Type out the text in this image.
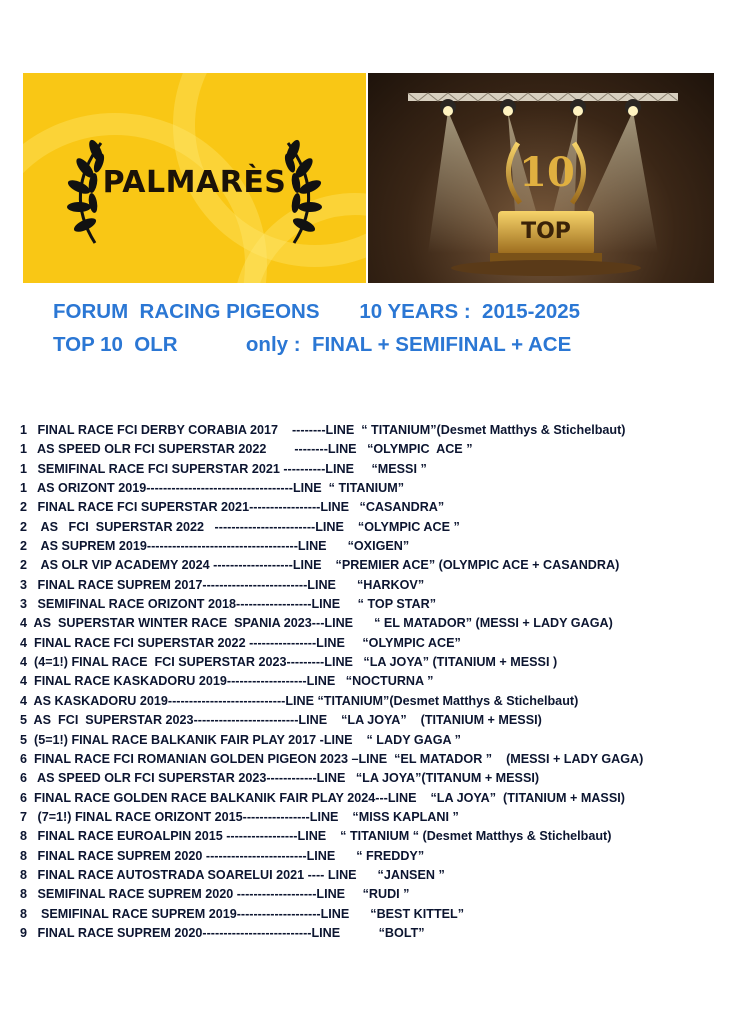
PALMARÈS	10
TOP
FORUM  RACING PIGEONS       10 YEARS :  2015-2025
TOP 10  OLR            only :  FINAL + SEMIFINAL + ACE
1   FINAL RACE FCI DERBY CORABIA 2017    --------LINE  “ TITANIUM”(Desmet Matthys & Stichelbaut)
1   AS SPEED OLR FCI SUPERSTAR 2022        --------LINE   “OLYMPIC  ACE ”
1   SEMIFINAL RACE FCI SUPERSTAR 2021 ----------LINE     “MESSI ”
1   AS ORIZONT 2019-----------------------------------LINE  “ TITANIUM”
2   FINAL RACE FCI SUPERSTAR 2021-----------------LINE   “CASANDRA”
2    AS   FCI  SUPERSTAR 2022   ------------------------LINE    “OLYMPIC ACE ”
2    AS SUPREM 2019------------------------------------LINE      “OXIGEN”
2    AS OLR VIP ACADEMY 2024 -------------------LINE    “PREMIER ACE” (OLYMPIC ACE + CASANDRA)
3   FINAL RACE SUPREM 2017-------------------------LINE      “HARKOV”
3   SEMIFINAL RACE ORIZONT 2018------------------LINE     “ TOP STAR”
4  AS  SUPERSTAR WINTER RACE  SPANIA 2023---LINE      “ EL MATADOR” (MESSI + LADY GAGA)
4  FINAL RACE FCI SUPERSTAR 2022 ----------------LINE     “OLYMPIC ACE”
4  (4=1!) FINAL RACE  FCI SUPERSTAR 2023---------LINE   “LA JOYA” (TITANIUM + MESSI )
4  FINAL RACE KASKADORU 2019-------------------LINE   “NOCTURNA ”
4  AS KASKADORU 2019----------------------------LINE “TITANIUM”(Desmet Matthys & Stichelbaut)
5  AS  FCI  SUPERSTAR 2023-------------------------LINE    “LA JOYA”    (TITANIUM + MESSI)
5  (5=1!) FINAL RACE BALKANIK FAIR PLAY 2017 -LINE    “ LADY GAGA ”
6  FINAL RACE FCI ROMANIAN GOLDEN PIGEON 2023 –LINE  “EL MATADOR ”    (MESSI + LADY GAGA)
6   AS SPEED OLR FCI SUPERSTAR 2023------------LINE   “LA JOYA”(TITANUM + MESSI)
6  FINAL RACE GOLDEN RACE BALKANIK FAIR PLAY 2024---LINE    “LA JOYA”  (TITANIUM + MASSI)
7   (7=1!) FINAL RACE ORIZONT 2015----------------LINE    “MISS KAPLANI ”
8   FINAL RACE EUROALPIN 2015 -----------------LINE    “ TITANIUM “ (Desmet Matthys & Stichelbaut)
8   FINAL RACE SUPREM 2020 ------------------------LINE      “ FREDDY”
8   FINAL RACE AUTOSTRADA SOARELUI 2021 ---- LINE      “JANSEN ”
8   SEMIFINAL RACE SUPREM 2020 -------------------LINE     “RUDI ”
8    SEMIFINAL RACE SUPREM 2019--------------------LINE      “BEST KITTEL”
9   FINAL RACE SUPREM 2020--------------------------LINE           “BOLT”
